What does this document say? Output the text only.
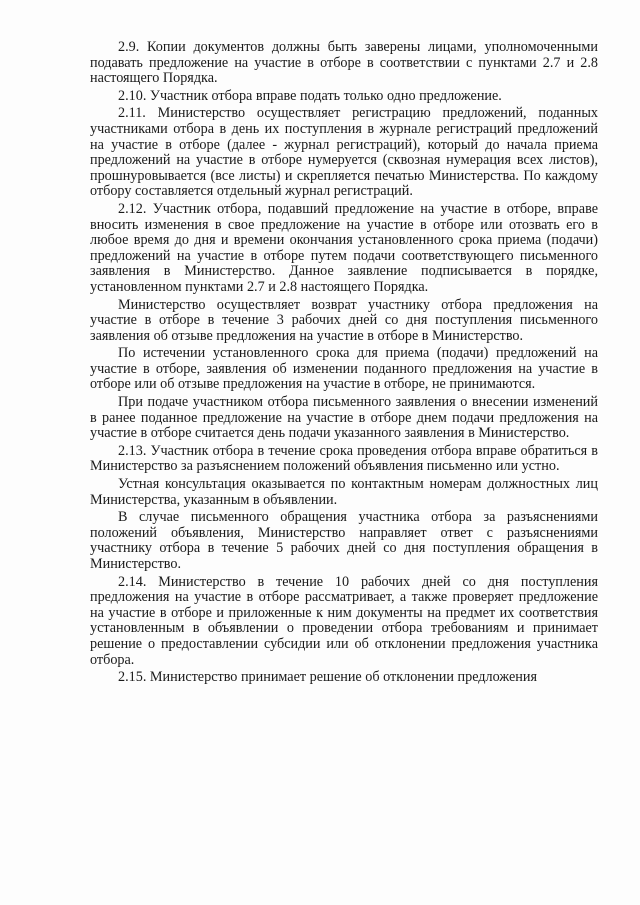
2.9. Копии документов должны быть заверены лицами, уполномоченными подавать предложение на участие в отборе в соответствии с пунктами 2.7 и 2.8 настоящего Порядка.

2.10. Участник отбора вправе подать только одно предложение.

2.11. Министерство осуществляет регистрацию предложений, поданных участниками отбора в день их поступления в журнале регистраций предложений на участие в отборе (далее - журнал регистраций), который до начала приема предложений на участие в отборе нумеруется (сквозная нумерация всех листов), прошнуровывается (все листы) и скрепляется печатью Министерства. По каждому отбору составляется отдельный журнал регистраций.

2.12. Участник отбора, подавший предложение на участие в отборе, вправе вносить изменения в свое предложение на участие в отборе или отозвать его в любое время до дня и времени окончания установленного срока приема (подачи) предложений на участие в отборе путем подачи соответствующего письменного заявления в Министерство. Данное заявление подписывается в порядке, установленном пунктами 2.7 и 2.8 настоящего Порядка.

Министерство осуществляет возврат участнику отбора предложения на участие в отборе в течение 3 рабочих дней со дня поступления письменного заявления об отзыве предложения на участие в отборе в Министерство.

По истечении установленного срока для приема (подачи) предложений на участие в отборе, заявления об изменении поданного предложения на участие в отборе или об отзыве предложения на участие в отборе, не принимаются.

При подаче участником отбора письменного заявления о внесении изменений в ранее поданное предложение на участие в отборе днем подачи предложения на участие в отборе считается день подачи указанного заявления в Министерство.

2.13. Участник отбора в течение срока проведения отбора вправе обратиться в Министерство за разъяснением положений объявления письменно или устно.

Устная консультация оказывается по контактным номерам должностных лиц Министерства, указанным в объявлении.

В случае письменного обращения участника отбора за разъяснениями положений объявления, Министерство направляет ответ с разъяснениями участнику отбора в течение 5 рабочих дней со дня поступления обращения в Министерство.

2.14. Министерство в течение 10 рабочих дней со дня поступления предложения на участие в отборе рассматривает, а также проверяет предложение на участие в отборе и приложенные к ним документы на предмет их соответствия установленным в объявлении о проведении отбора требованиям и принимает решение о предоставлении субсидии или об отклонении предложения участника отбора.

2.15. Министерство принимает решение об отклонении предложения
